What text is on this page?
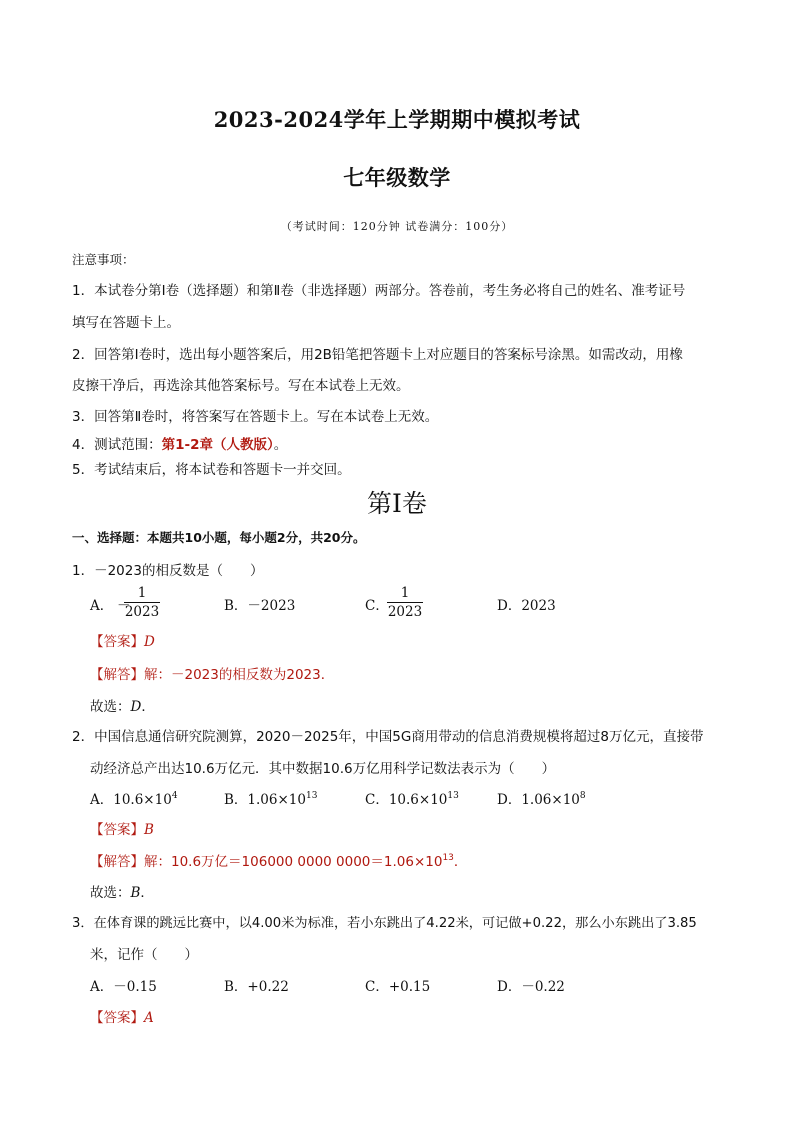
2023-2024学年上学期期中模拟考试
七年级数学
（考试时间：120分钟 试卷满分：100分）
注意事项：
1．本试卷分第Ⅰ卷（选择题）和第Ⅱ卷（非选择题）两部分。答卷前，考生务必将自己的姓名、准考证号
填写在答题卡上。
2．回答第Ⅰ卷时，选出每小题答案后，用2B铅笔把答题卡上对应题目的答案标号涂黑。如需改动，用橡
皮擦干净后，再选涂其他答案标号。写在本试卷上无效。
3．回答第Ⅱ卷时，将答案写在答题卡上。写在本试卷上无效。
4．测试范围：第1-2章（人教版）。
5．考试结束后，将本试卷和答题卡一并交回。
第Ⅰ卷
一、选择题：本题共10小题，每小题2分，共20分。
1．－2023的相反数是（　　）
A． －
1
2023	B．－2023	C．
1
2023	D．2023
【答案】D
【解答】解：－2023的相反数为2023．
故选：D．
2．中国信息通信研究院测算，2020－2025年，中国5G商用带动的信息消费规模将超过8万亿元，直接带
动经济总产出达10.6万亿元．其中数据10.6万亿用科学记数法表示为（　　）
A．$10.6\times 10^4$	B．$1.06\times 10^{13}$	C．$10.6\times 10^{13}$	D．$1.06\times 10^8$
【答案】B
【解答】解：10.6万亿＝106000 0000 $0000=1.06\times 10^{13}$．
故选：B．
3．在体育课的跳远比赛中，以4.00米为标准，若小东跳出了4.22米，可记做+0.22，那么小东跳出了3.85
米，记作（　　）
A．－0.15	B．+0.22	C．+0.15	D．－0.22
【答案】A
